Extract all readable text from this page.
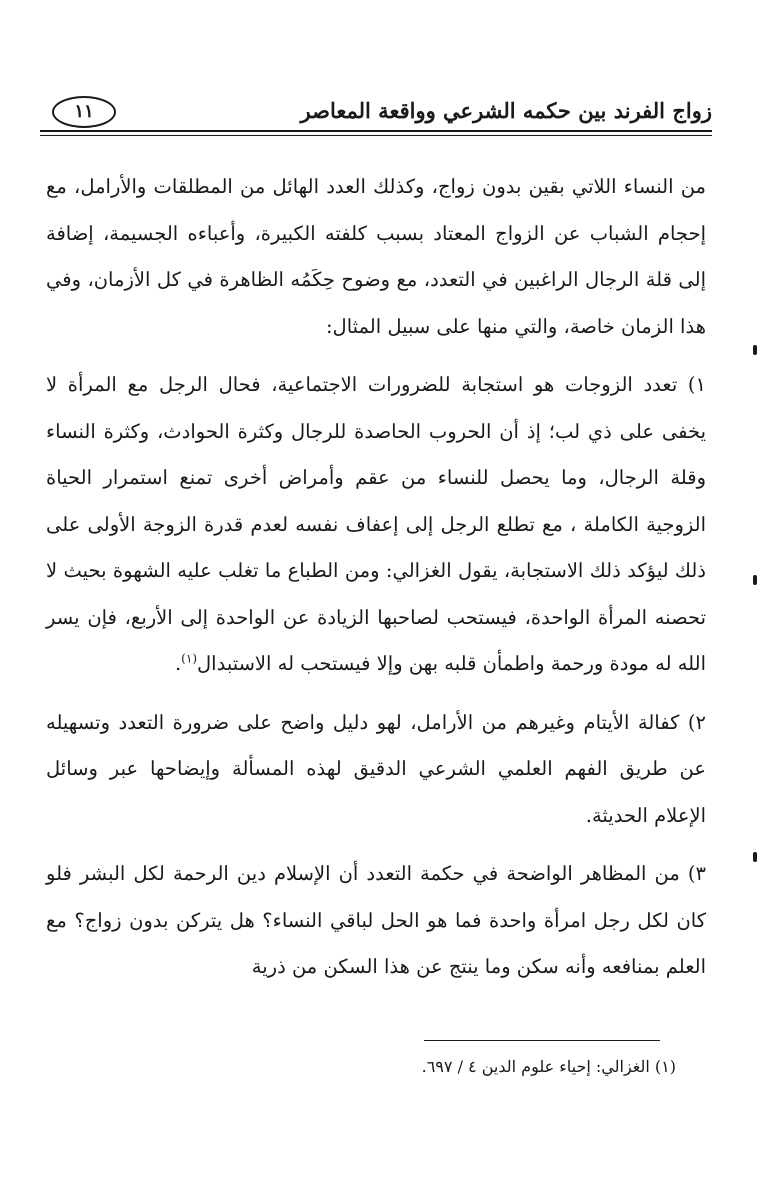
زواج الفرند بين حكمه الشرعي وواقعة المعاصر
١١

من النساء اللاتي بقين بدون زواج، وكذلك العدد الهائل من المطلقات والأرامل، مع إحجام الشباب عن الزواج المعتاد بسبب كلفته الكبيرة، وأعباءه الجسيمة، إضافة إلى قلة الرجال الراغبين في التعدد، مع وضوح حِكَمُه الظاهرة في كل الأزمان، وفي هذا الزمان خاصة، والتي منها على سبيل المثال:

١) تعدد الزوجات هو استجابة للضرورات الاجتماعية، فحال الرجل مع المرأة لا يخفى على ذي لب؛ إذ أن الحروب الحاصدة للرجال وكثرة الحوادث، وكثرة النساء وقلة الرجال، وما يحصل للنساء من عقم وأمراض أخرى تمنع استمرار الحياة الزوجية الكاملة ، مع تطلع الرجل إلى إعفاف نفسه لعدم قدرة الزوجة الأولى على ذلك ليؤكد ذلك الاستجابة، يقول الغزالي: ومن الطباع ما تغلب عليه الشهوة بحيث لا تحصنه المرأة الواحدة، فيستحب لصاحبها الزيادة عن الواحدة إلى الأربع، فإن يسر الله له مودة ورحمة واطمأن قلبه بهن وإلا فيستحب له الاستبدال$^{(١)}$.

٢) كفالة الأيتام وغيرهم من الأرامل، لهو دليل واضح على ضرورة التعدد وتسهيله عن طريق الفهم العلمي الشرعي الدقيق لهذه المسألة وإيضاحها عبر وسائل الإعلام الحديثة.

٣) من المظاهر الواضحة في حكمة التعدد أن الإسلام دين الرحمة لكل البشر فلو كان لكل رجل امرأة واحدة فما هو الحل لباقي النساء؟ هل يتركن بدون زواج؟ مع العلم بمنافعه وأنه سكن وما ينتج عن هذا السكن من ذرية

(١) الغزالي: إحياء علوم الدين ٤ / ٦٩٧.
